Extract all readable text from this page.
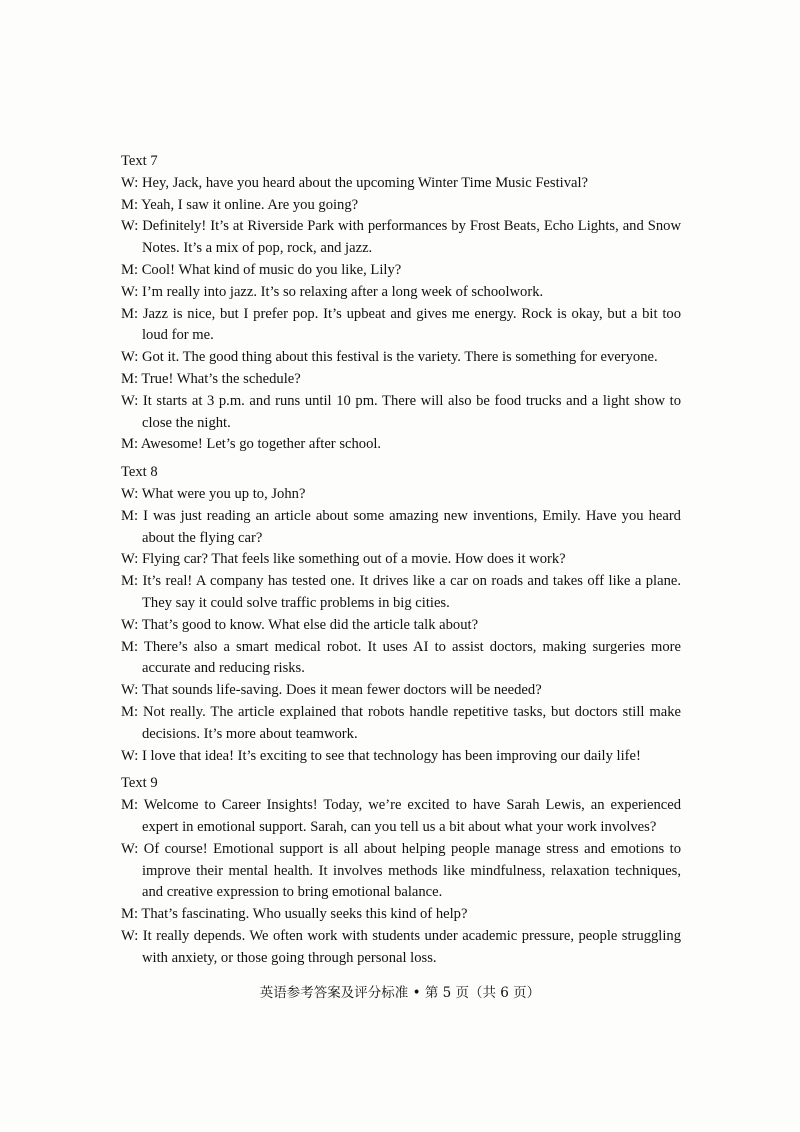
Text 7

W: Hey, Jack, have you heard about the upcoming Winter Time Music Festival?

M: Yeah, I saw it online. Are you going?

W: Definitely! It’s at Riverside Park with performances by Frost Beats, Echo Lights, and Snow Notes. It’s a mix of pop, rock, and jazz.

M: Cool! What kind of music do you like, Lily?

W: I’m really into jazz. It’s so relaxing after a long week of schoolwork.

M: Jazz is nice, but I prefer pop. It’s upbeat and gives me energy. Rock is okay, but a bit too loud for me.

W: Got it. The good thing about this festival is the variety. There is something for everyone.

M: True! What’s the schedule?

W: It starts at 3 p.m. and runs until 10 pm. There will also be food trucks and a light show to close the night.

M: Awesome! Let’s go together after school.

Text 8

W: What were you up to, John?

M: I was just reading an article about some amazing new inventions, Emily. Have you heard about the flying car?

W: Flying car? That feels like something out of a movie. How does it work?

M: It’s real! A company has tested one. It drives like a car on roads and takes off like a plane. They say it could solve traffic problems in big cities.

W: That’s good to know. What else did the article talk about?

M: There’s also a smart medical robot. It uses AI to assist doctors, making surgeries more accurate and reducing risks.

W: That sounds life-saving. Does it mean fewer doctors will be needed?

M: Not really. The article explained that robots handle repetitive tasks, but doctors still make decisions. It’s more about teamwork.

W: I love that idea! It’s exciting to see that technology has been improving our daily life!

Text 9

M: Welcome to Career Insights! Today, we’re excited to have Sarah Lewis, an experienced expert in emotional support. Sarah, can you tell us a bit about what your work involves?

W: Of course! Emotional support is all about helping people manage stress and emotions to improve their mental health. It involves methods like mindfulness, relaxation techniques, and creative expression to bring emotional balance.

M: That’s fascinating. Who usually seeks this kind of help?

W: It really depends. We often work with students under academic pressure, people struggling with anxiety, or those going through personal loss.

英语参考答案及评分标准 • 第 5 页（共 6 页）
